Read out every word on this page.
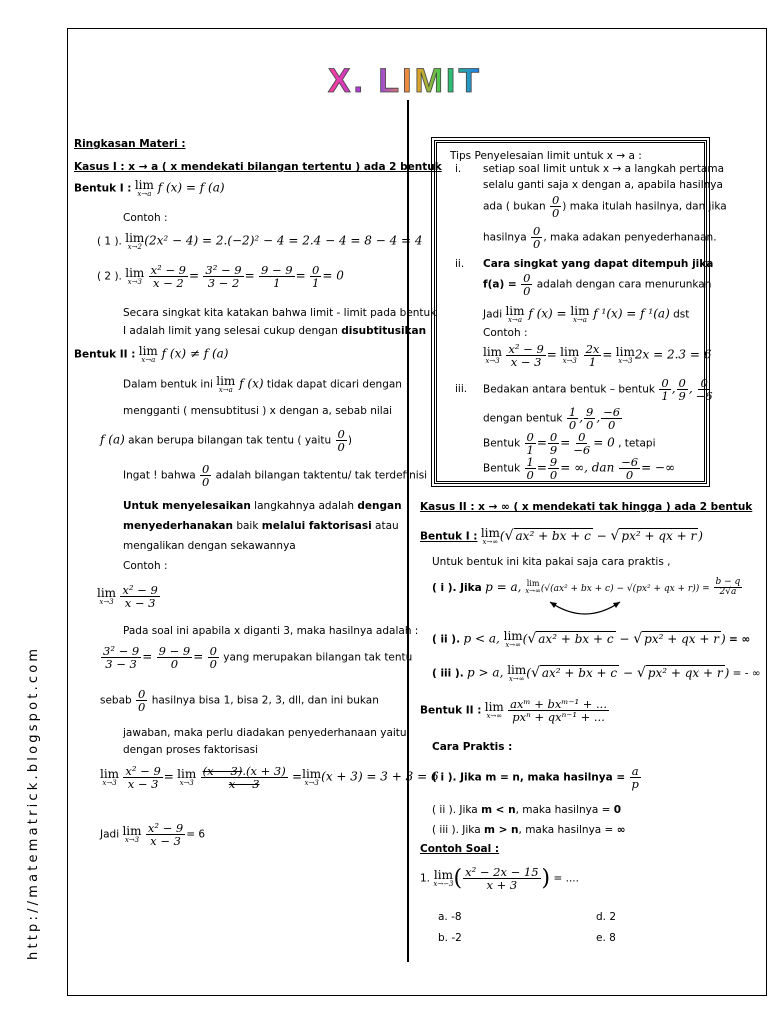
X. LIMIT
http://matematrick.blogspot.com
Ringkasan Materi :
Kasus I : x → a ( x mendekati bilangan tertentu ) ada 2 bentuk
Bentuk I : lim
x→a f (x) = f (a)
Contoh :
( 1 ). lim
x→2 (2x² − 4) = 2.(−2)² − 4 = 2.4 − 4 = 8 − 4 = 4
( 2 ). lim
x→3
$\frac{\text{x² − 9}}{x - 2} = \frac{\text{3² − 9}}{3 - 2} = \frac{9 - 9}{1} = \frac{0}{1} = 0$
Secara singkat kita katakan bahwa limit - limit pada bentuk
I adalah limit yang selesai cukup dengan disubtitusikan
Bentuk II : lim
x→a f (x) ≠ f (a)
Dalam bentuk ini lim
x→a f (x) tidak dapat dicari dengan
mengganti ( mensubtitusi ) x dengan a, sebab nilai
f (a) akan berupa bilangan tak tentu ( yaitu $\frac{0}{0}$ )
Ingat ! bahwa $\frac{0}{0}$ adalah bilangan taktentu/ tak terdefinisi
Untuk menyelesaikan langkahnya adalah dengan
menyederhanakan baik melalui faktorisasi atau
mengalikan dengan sekawannya
Contoh :
lim
x→3
$\frac{\text{x² − 9}}{x - 3}$
Pada soal ini apabila x diganti 3, maka hasilnya adalah :
$\frac{\text{3² − 9}}{3 - 3} = \frac{9 - 9}{0} = \frac{0}{0}$ yang merupakan bilangan tak tentu
sebab $\frac{0}{0}$ hasilnya bisa 1, bisa 2, 3, dll, dan ini bukan
jawaban, maka perlu diadakan penyederhanaan yaitu
dengan proses faktorisasi
lim
x→3
$\frac{\text{x² − 9}}{x - 3} = \lim$
x→3
$\frac{(x - 3).(x + 3)}{x - 3} =\lim$
x→3 (x + 3) = 3 + 3 = 6
Jadi lim
x→3
$\frac{\text{x² − 9}}{x - 3} = 6$
Tips Penyelesaian limit untuk x → a :
i. setiap soal limit untuk x → a langkah pertama
selalu ganti saja x dengan a, apabila hasilnya
ada ( bukan $\frac{0}{0}$ ) maka itulah hasilnya, dan jika
hasilnya $\frac{0}{0}$ , maka adakan penyederhanaan.
ii. Cara singkat yang dapat ditempuh jika
$f(a) = \frac{0}{0}$ adalah dengan cara menurunkan
Jadi lim
x→a f (x) = lim
x→a f ¹(x) = f ¹(a) dst
Contoh :
lim
x→3
$\frac{\text{x² − 9}}{x - 3} = \lim$
x→3
$\frac{2x}{1} = \lim$
x→3 2x = 2.3 = 6
iii. Bedakan antara bentuk – bentuk $\frac{0}{1}$ , $\frac{0}{9}$ , $\frac{0}{-6}$
dengan bentuk $\frac{1}{0}$ , $\frac{9}{0}$ , $\frac{-6}{0}$
Bentuk $\frac{0}{1} = \frac{0}{9} = \frac{0}{-6} = 0$ , tetapi
Bentuk $\frac{1}{0} = \frac{9}{0}$ = ∞, dan $\frac{-6}{0}$ = −∞
Kasus II : x → ∞ ( x mendekati tak hingga ) ada 2 bentuk
Bentuk I : lim
x→∞ (√ ax² + bx + c − √ px² + qx + r )
Untuk bentuk ini kita pakai saja cara praktis ,
( i ). Jika p = a, lim
x→∞ (√(ax² + bx + c) − √(px² + qx + $r)) = \frac{b - q}{2√a}$
( ii ). p < a, lim
x→∞ (√ ax² + bx + c − √ px² + qx + r ) = ∞
( iii ). p > a, lim
x→∞ (√ ax² + bx + c − √ px² + qx + r ) = - ∞
Bentuk II : lim
x→∞

axᵐ + bxᵐ⁻¹ + ...
pxⁿ + qxⁿ⁻¹ + ...
Cara Praktis :
( i ). Jika m = n, maka hasilnya = $\frac{a}{p}$
( ii ). Jika m < n, maka hasilnya = 0
( iii ). Jika m > n, maka hasilnya = ∞
Contoh Soal :
1. lim
x→−3 ( $\frac{\text{x² − 2x − 15}}{x + 3}$ ) = ....
a. -8
b. -2
d. 2
e. 8
